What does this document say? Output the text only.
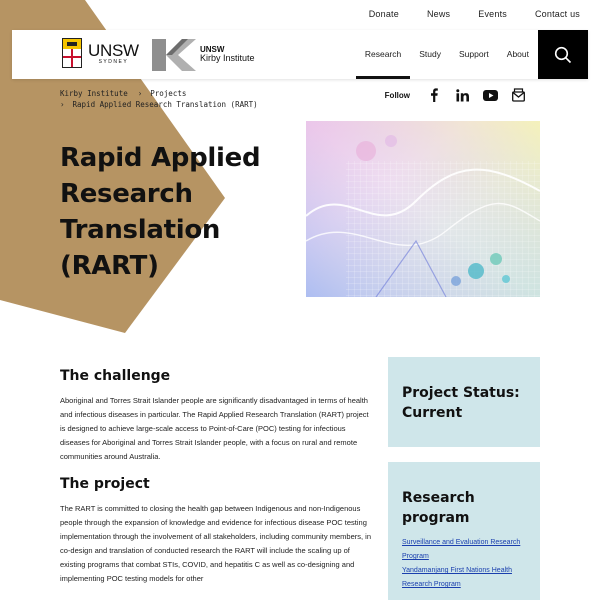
Donate	News	Events	Contact us
UNSW
SYDNEY
UNSW
Kirby Institute	Research	Study	Support	About
Kirby Institute › Projects
› Rapid Applied Research Translation (RART)
Follow
Rapid Applied
Research
Translation
(RART)
The challenge

Aboriginal and Torres Strait Islander people are significantly disadvantaged in terms of health and infectious diseases in particular. The Rapid Applied Research Translation (RART) project is designed to achieve large-scale access to Point-of-Care (POC) testing for infectious diseases for Aboriginal and Torres Strait Islander people, with a focus on rural and remote communities around Australia.

The project

The RART is committed to closing the health gap between Indigenous and non-Indigenous people through the expansion of knowledge and evidence for infectious disease POC testing implementation through the involvement of all stakeholders, including community members, in co-design and translation of conducted research the RART will include the scaling up of existing programs that combat STIs, COVID, and hepatitis C as well as co-designing and implementing POC testing models for other

Project Status: Current
Research
program
Surveillance and Evaluation Research
Program
Yandamanjang First Nations Health
Research Program
